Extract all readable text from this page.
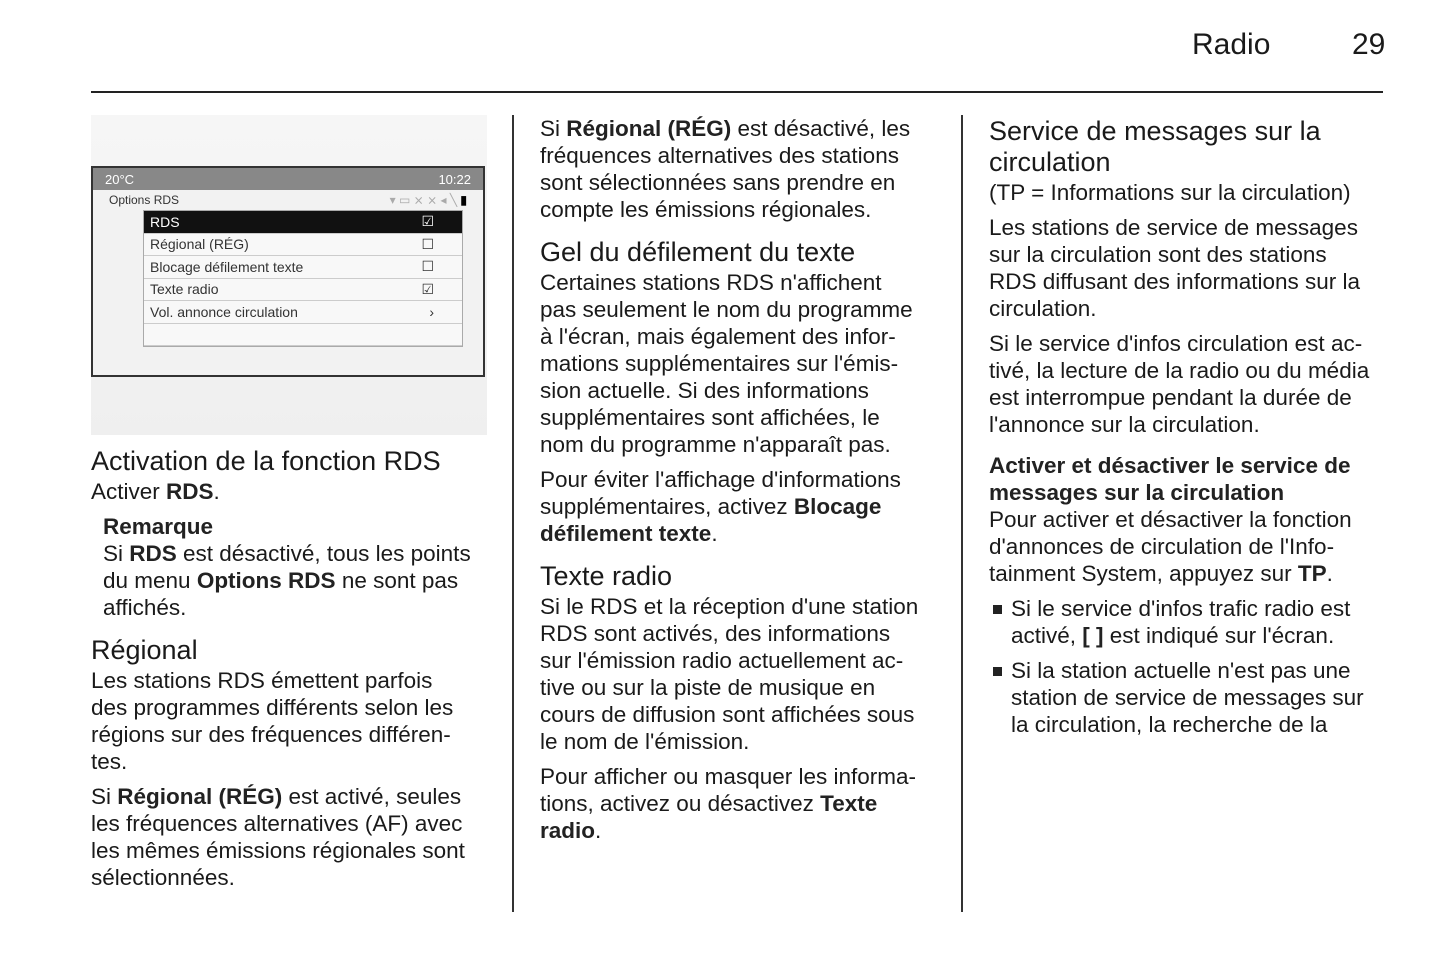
Radio	29
20°C	10:22
Options RDS	▾ ▭ ⨯ ⨯ ◂ ╲ ▮
RDS	☑
Régional (RÉG)	☐
Blocage défilement texte	☐
Texte radio	☑
Vol. annonce circulation	›
Activation de la fonction RDS

Activer RDS.

Remarque
Si RDS est désactivé, tous les points
du menu Options RDS ne sont pas
affichés.

Régional

Les stations RDS émettent parfois
des programmes différents selon les
régions sur des fréquences différen-
tes.

Si Régional (RÉG) est activé, seules
les fréquences alternatives (AF) avec
les mêmes émissions régionales sont
sélectionnées.

Si Régional (RÉG) est désactivé, les
fréquences alternatives des stations
sont sélectionnées sans prendre en
compte les émissions régionales.

Gel du défilement du texte

Certaines stations RDS n'affichent
pas seulement le nom du programme
à l'écran, mais également des infor-
mations supplémentaires sur l'émis-
sion actuelle. Si des informations
supplémentaires sont affichées, le
nom du programme n'apparaît pas.

Pour éviter l'affichage d'informations
supplémentaires, activez Blocage
défilement texte.

Texte radio

Si le RDS et la réception d'une station
RDS sont activés, des informations
sur l'émission radio actuellement ac-
tive ou sur la piste de musique en
cours de diffusion sont affichées sous
le nom de l'émission.

Pour afficher ou masquer les informa-
tions, activez ou désactivez Texte
radio.

Service de messages sur la
circulation

(TP = Informations sur la circulation)

Les stations de service de messages
sur la circulation sont des stations
RDS diffusant des informations sur la
circulation.

Si le service d'infos circulation est ac-
tivé, la lecture de la radio ou du média
est interrompue pendant la durée de
l'annonce sur la circulation.

Activer et désactiver le service de
messages sur la circulation

Pour activer et désactiver la fonction
d'annonces de circulation de l'Info-
tainment System, appuyez sur TP.

Si le service d'infos trafic radio est
activé, [ ] est indiqué sur l'écran.

Si la station actuelle n'est pas une
station de service de messages sur
la circulation, la recherche de la
